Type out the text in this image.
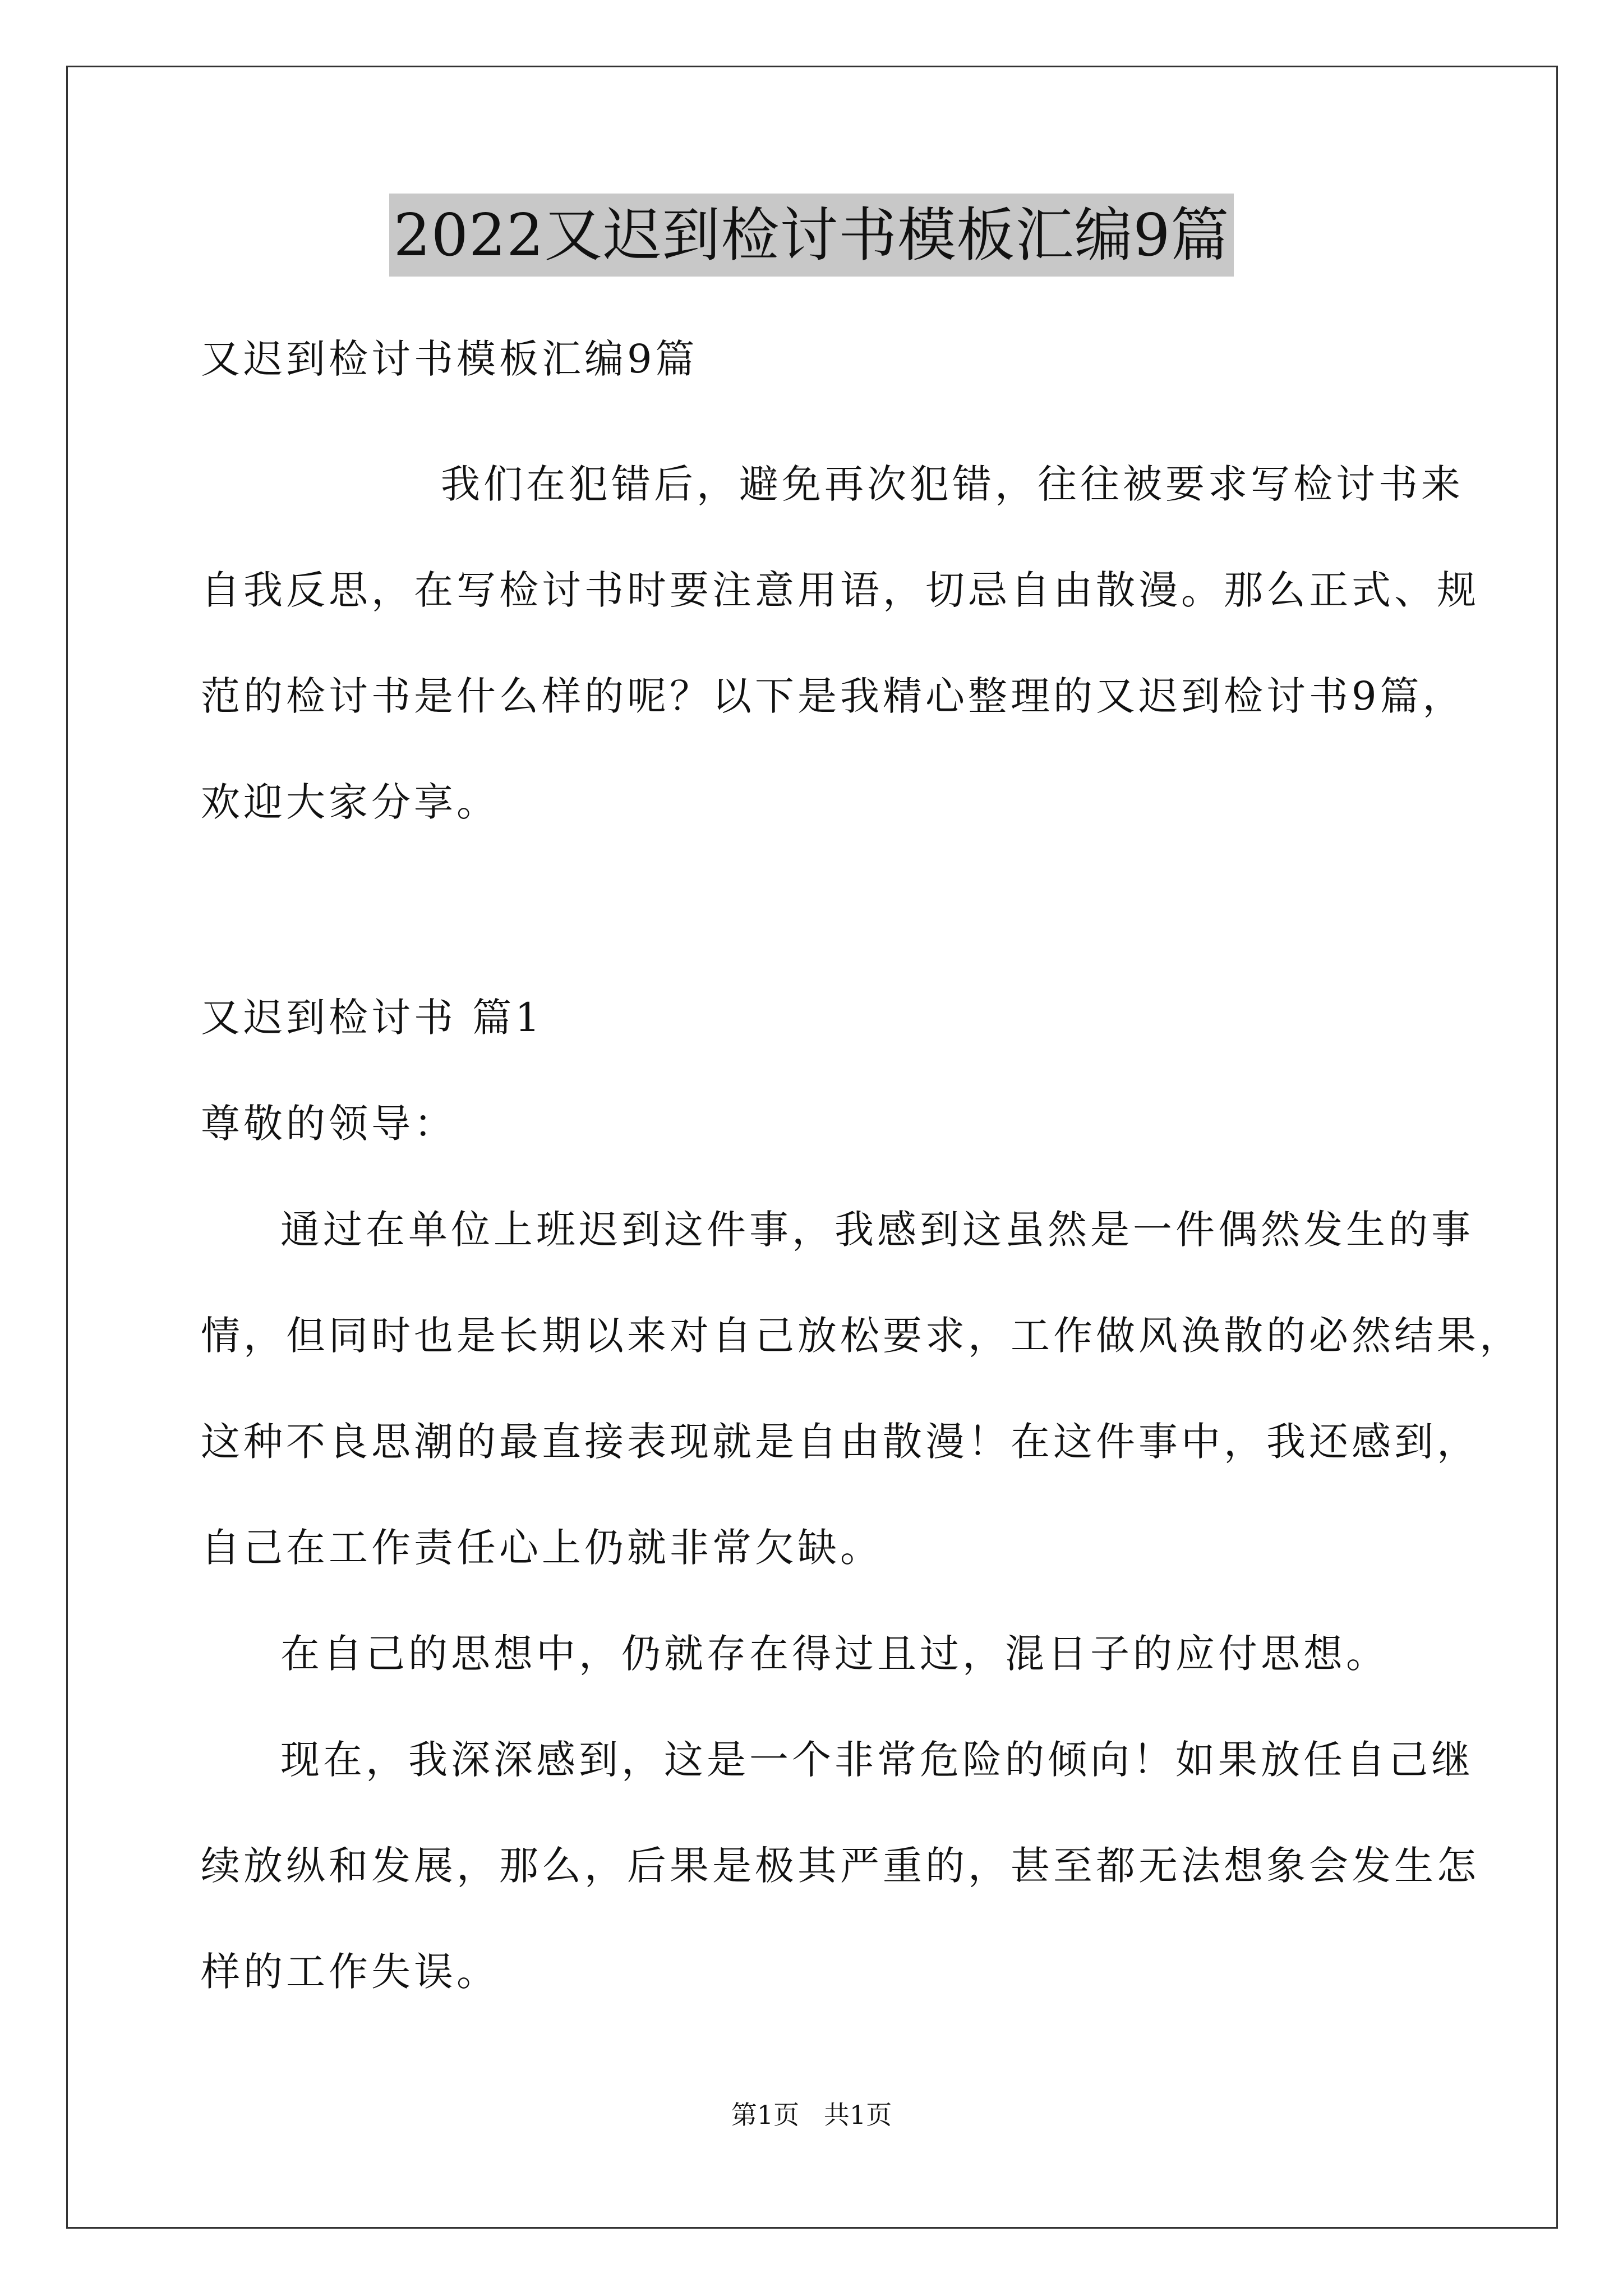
2022又迟到检讨书模板汇编9篇
又迟到检讨书模板汇编9篇
我们在犯错后，避免再次犯错，往往被要求写检讨书来
自我反思，在写检讨书时要注意用语，切忌自由散漫。那么正式、规
范的检讨书是什么样的呢？以下是我精心整理的又迟到检讨书9篇，
欢迎大家分享。
又迟到检讨书 篇1
尊敬的领导：
通过在单位上班迟到这件事，我感到这虽然是一件偶然发生的事
情，但同时也是长期以来对自己放松要求，工作做风涣散的必然结果，
这种不良思潮的最直接表现就是自由散漫！在这件事中，我还感到，
自己在工作责任心上仍就非常欠缺。
在自己的思想中，仍就存在得过且过，混日子的应付思想。
现在，我深深感到，这是一个非常危险的倾向！如果放任自己继
续放纵和发展，那么，后果是极其严重的，甚至都无法想象会发生怎
样的工作失误。
第1页   共1页
